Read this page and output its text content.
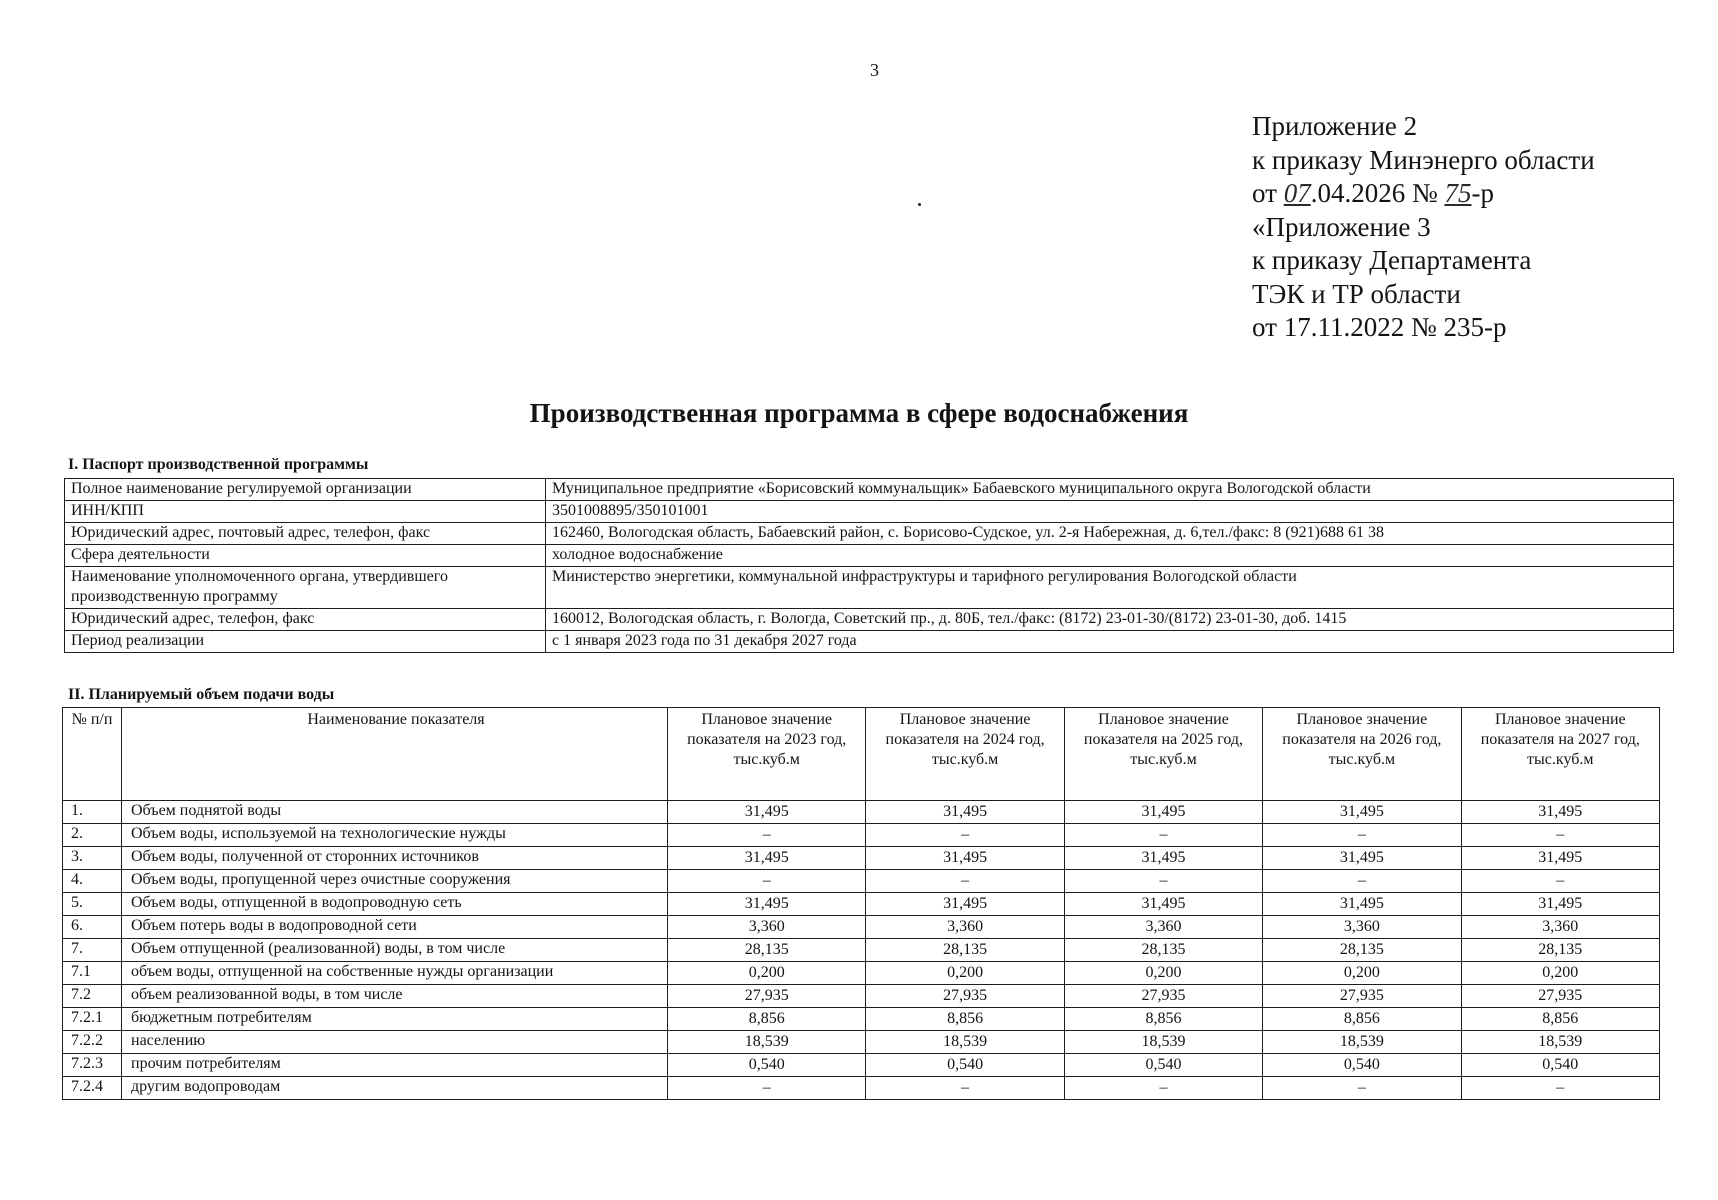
3
Приложение 2
к приказу Минэнерго области
от 07.04.2026 № 75-р
«Приложение 3
к приказу Департамента
ТЭК и ТР области
от 17.11.2022 № 235-р
Производственная программа в сфере водоснабжения
I. Паспорт производственной программы
Полное наименование регулируемой организации	Муниципальное предприятие «Борисовский коммунальщик» Бабаевского муниципального округа Вологодской области
ИНН/КПП	3501008895/350101001
Юридический адрес, почтовый адрес, телефон, факс	162460, Вологодская область, Бабаевский район, с. Борисово-Судское, ул. 2-я Набережная, д. 6,тел./факс: 8 (921)688 61 38
Сфера деятельности	холодное водоснабжение
Наименование уполномоченного органа, утвердившего производственную программу	Министерство энергетики, коммунальной инфраструктуры и тарифного регулирования Вологодской области
Юридический адрес, телефон, факс	160012, Вологодская область, г. Вологда, Советский пр., д. 80Б, тел./факс: (8172) 23-01-30/(8172) 23-01-30, доб. 1415
Период реализации	с 1 января 2023 года по 31 декабря 2027 года
II. Планируемый объем подачи воды
№ п/п	Наименование показателя	Плановое значение показателя на 2023 год, тыс.куб.м	Плановое значение показателя на 2024 год, тыс.куб.м	Плановое значение показателя на 2025 год, тыс.куб.м	Плановое значение показателя на 2026 год, тыс.куб.м	Плановое значение показателя на 2027 год, тыс.куб.м
1.	Объем поднятой воды	31,495	31,495	31,495	31,495	31,495
2.	Объем воды, используемой на технологические нужды	–	–	–	–	–
3.	Объем воды, полученной от сторонних источников	31,495	31,495	31,495	31,495	31,495
4.	Объем воды, пропущенной через очистные сооружения	–	–	–	–	–
5.	Объем воды, отпущенной в водопроводную сеть	31,495	31,495	31,495	31,495	31,495
6.	Объем потерь воды в водопроводной сети	3,360	3,360	3,360	3,360	3,360
7.	Объем отпущенной (реализованной) воды, в том числе	28,135	28,135	28,135	28,135	28,135
7.1	объем воды, отпущенной на собственные нужды организации	0,200	0,200	0,200	0,200	0,200
7.2	объем реализованной воды, в том числе	27,935	27,935	27,935	27,935	27,935
7.2.1	бюджетным потребителям	8,856	8,856	8,856	8,856	8,856
7.2.2	населению	18,539	18,539	18,539	18,539	18,539
7.2.3	прочим потребителям	0,540	0,540	0,540	0,540	0,540
7.2.4	другим водопроводам	–	–	–	–	–
